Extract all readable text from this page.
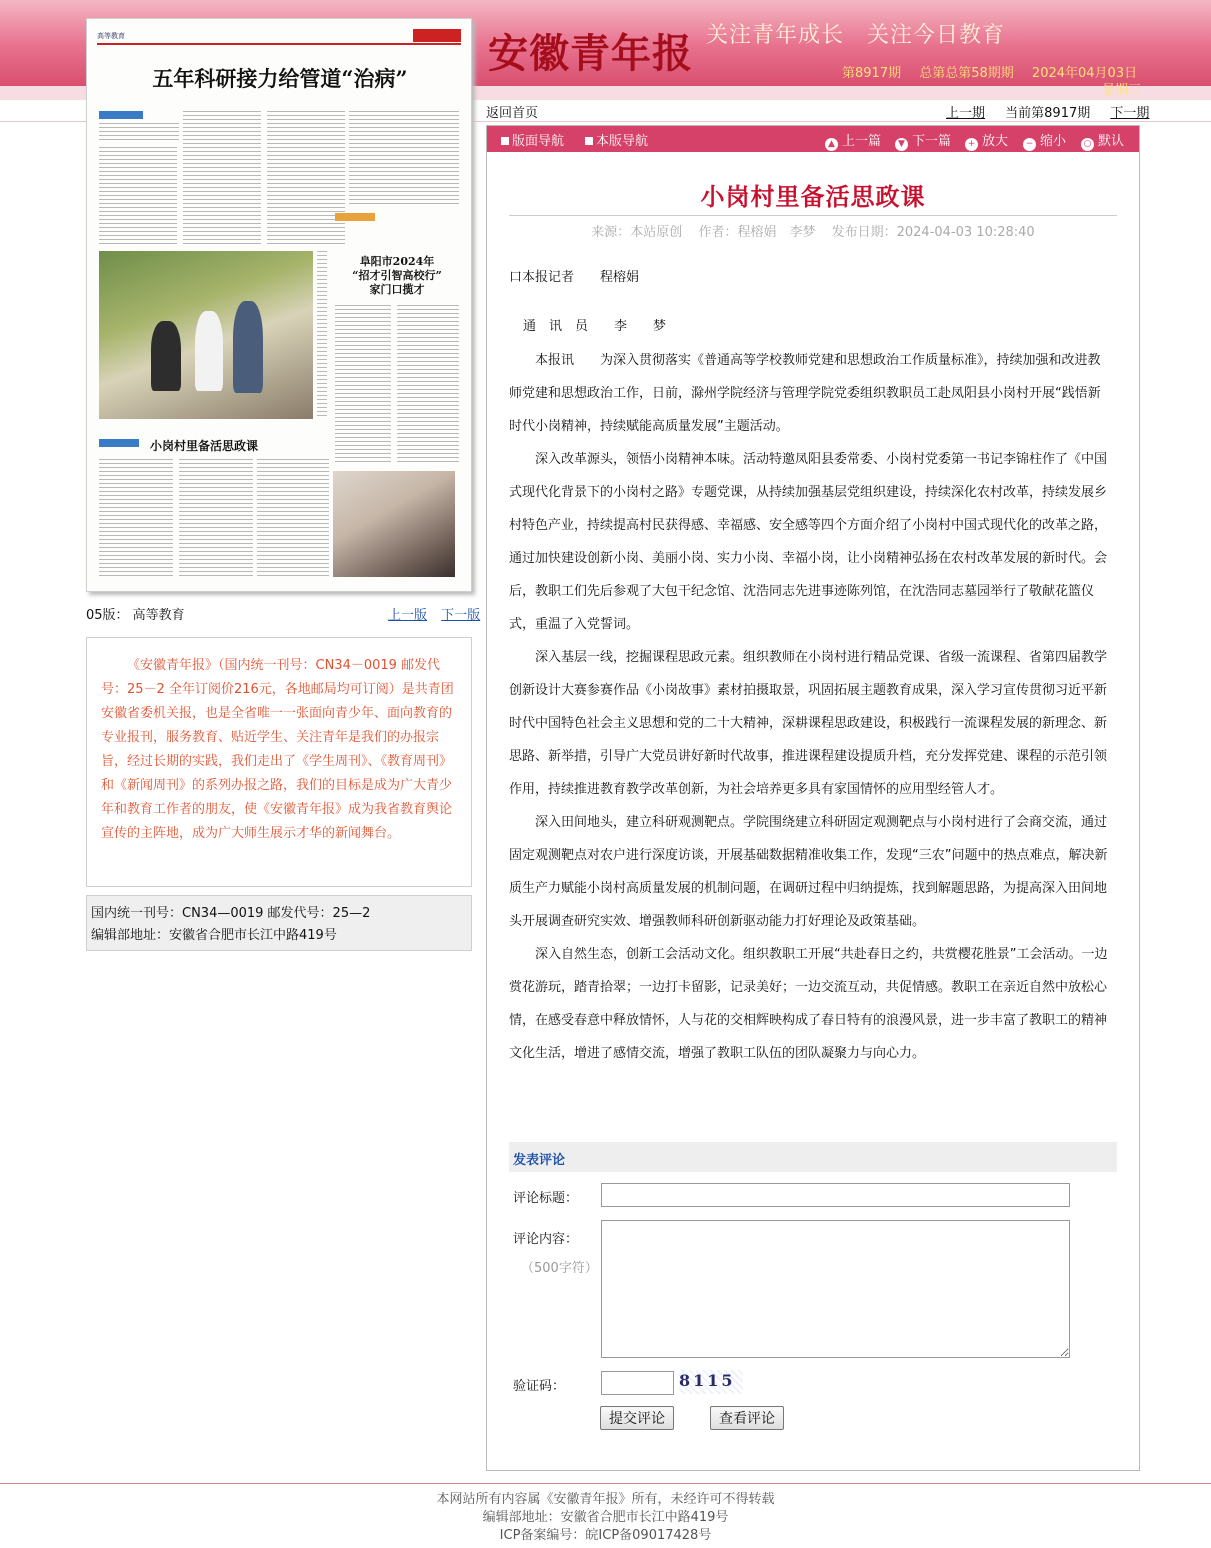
安徽青年报 关注青年成长　关注今日教育
第8917期 总第总第58期期 2024年04月03日
星期三
返回首页	上一期 当前第8917期 下一期
高等教育
五年科研接力给管道“治病”
阜阳市2024年
“招才引智高校行”
家门口揽才
小岗村里备活思政课
05版： 高等教育	上一版 下一版

《安徽青年报》（国内统一刊号：CN34－0019 邮发代号：25－2 全年订阅价216元，各地邮局均可订阅）是共青团安徽省委机关报，也是全省唯一一张面向青少年、面向教育的专业报刊，服务教育、贴近学生、关注青年是我们的办报宗旨，经过长期的实践，我们走出了《学生周刊》、《教育周刊》和《新闻周刊》的系列办报之路，我们的目标是成为广大青少年和教育工作者的朋友，使《安徽青年报》成为我省教育舆论宣传的主阵地，成为广大师生展示才华的新闻舞台。

国内统一刊号：CN34—0019 邮发代号：25—2
编辑部地址：安徽省合肥市长江中路419号
版面导航	本版导航	▲ 上一篇	▼ 下一篇	+ 放大	− 缩小 ○ 默认
小岗村里备活思政课
来源：本站原创 作者：程榕娟　李梦 发布日期：2024-04-03 10:28:40
口本报记者　　程榕娟
通　讯　员　　李　　梦

本报讯　　为深入贯彻落实《普通高等学校教师党建和思想政治工作质量标准》，持续加强和改进教师党建和思想政治工作，日前，滁州学院经济与管理学院党委组织教职员工赴凤阳县小岗村开展“践悟新时代小岗精神，持续赋能高质量发展”主题活动。

深入改革源头，领悟小岗精神本味。活动特邀凤阳县委常委、小岗村党委第一书记李锦柱作了《中国式现代化背景下的小岗村之路》专题党课，从持续加强基层党组织建设，持续深化农村改革，持续发展乡村特色产业，持续提高村民获得感、幸福感、安全感等四个方面介绍了小岗村中国式现代化的改革之路，通过加快建设创新小岗、美丽小岗、实力小岗、幸福小岗，让小岗精神弘扬在农村改革发展的新时代。会后，教职工们先后参观了大包干纪念馆、沈浩同志先进事迹陈列馆，在沈浩同志墓园举行了敬献花篮仪式，重温了入党誓词。

深入基层一线，挖掘课程思政元素。组织教师在小岗村进行精品党课、省级一流课程、省第四届教学创新设计大赛参赛作品《小岗故事》素材拍摄取景，巩固拓展主题教育成果，深入学习宣传贯彻习近平新时代中国特色社会主义思想和党的二十大精神，深耕课程思政建设，积极践行一流课程发展的新理念、新思路、新举措，引导广大党员讲好新时代故事，推进课程建设提质升档，充分发挥党建、课程的示范引领作用，持续推进教育教学改革创新，为社会培养更多具有家国情怀的应用型经管人才。

深入田间地头，建立科研观测靶点。学院围绕建立科研固定观测靶点与小岗村进行了会商交流，通过固定观测靶点对农户进行深度访谈，开展基础数据精准收集工作，发现“三农”问题中的热点难点，解决新质生产力赋能小岗村高质量发展的机制问题，在调研过程中归纳提炼，找到解题思路，为提高深入田间地头开展调查研究实效、增强教师科研创新驱动能力打好理论及政策基础。

深入自然生态，创新工会活动文化。组织教职工开展“共赴春日之约，共赏樱花胜景”工会活动。一边赏花游玩，踏青拾翠；一边打卡留影，记录美好；一边交流互动，共促情感。教职工在亲近自然中放松心情，在感受春意中释放情怀，人与花的交相辉映构成了春日特有的浪漫风景，进一步丰富了教职工的精神文化生活，增进了感情交流，增强了教职工队伍的团队凝聚力与向心力。

发表评论
评论标题：
评论内容：
（500字符）
验证码：	8115
提交评论	查看评论
本网站所有内容属《安徽青年报》所有，未经许可不得转载
编辑部地址：安徽省合肥市长江中路419号
ICP备案编号：皖ICP备09017428号
